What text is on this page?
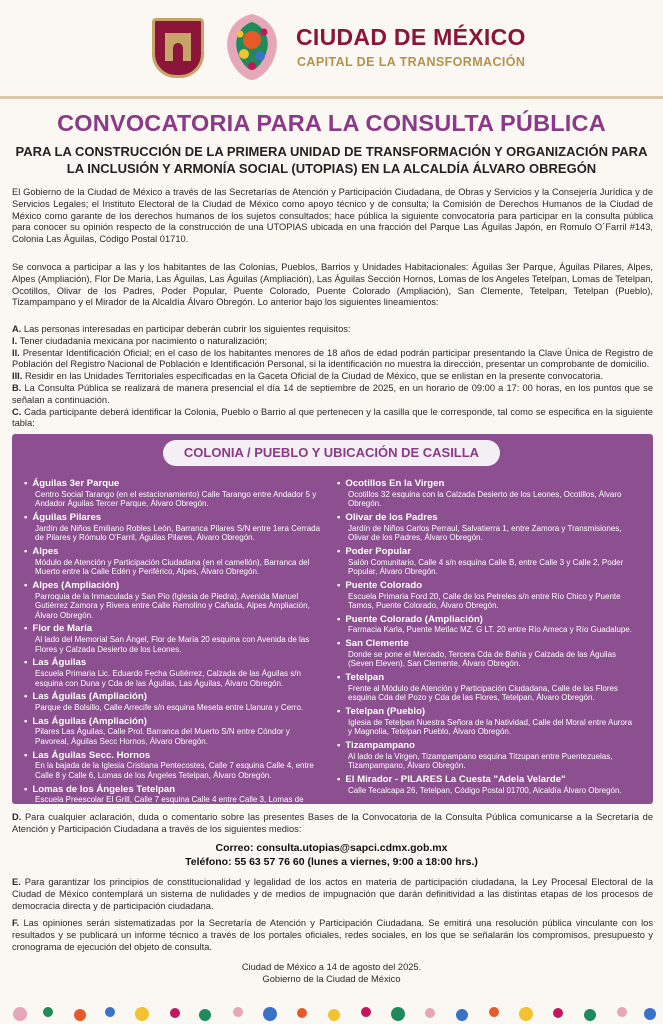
CIUDAD DE MÉXICO
CAPITAL DE LA TRANSFORMACIÓN
CONVOCATORIA PARA LA CONSULTA PÚBLICA
PARA LA CONSTRUCCIÓN DE LA PRIMERA UNIDAD DE TRANSFORMACIÓN Y ORGANIZACIÓN PARA LA INCLUSIÓN Y ARMONÍA SOCIAL (UTOPIAS) EN LA ALCALDÍA ÁLVARO OBREGÓN

El Gobierno de la Ciudad de México a través de las Secretarías de Atención y Participación Ciudadana, de Obras y Servicios y la Consejería Jurídica y de Servicios Legales; el Instituto Electoral de la Ciudad de México como apoyo técnico y de consulta; la Comisión de Derechos Humanos de la Ciudad de México como garante de los derechos humanos de los sujetos consultados; hace pública la siguiente convocatoria para participar en la consulta pública para conocer su opinión respecto de la construcción de una UTOPIAS ubicada en una fracción del Parque Las Águilas Japón, en Romulo O´Farril #143, Colonia Las Águilas, Código Postal 01710.

Se convoca a participar a las y los habitantes de las Colonias, Pueblos, Barrios y Unidades Habitacionales: Águilas 3er Parque, Águilas Pilares, Alpes, Alpes (Ampliación), Flor De Maria, Las Águilas, Las Águilas (Ampliación), Las Águilas Sección Hornos, Lomas de los Angeles Tetelpan, Lomas de Tetelpan, Ocotillos, Olivar de los Padres, Poder Popular, Puente Colorado, Puente Colorado (Ampliación), San Clemente, Tetelpan, Tetelpan (Pueblo), Tizampampano y el Mirador de la Alcaldía Álvaro Obregón. Lo anterior bajo los siguientes lineamientos:

A. Las personas interesadas en participar deberán cubrir los siguientes requisitos:

I. Tener ciudadanía mexicana por nacimiento o naturalización;

II. Presentar Identificación Oficial; en el caso de los habitantes menores de 18 años de edad podrán participar presentando la Clave Única de Registro de Población del Registro Nacional de Población e Identificación Personal, si la identificación no muestra la dirección, presentar un comprobante de domicilio.

III. Residir en las Unidades Territoriales especificadas en la Gaceta Oficial de la Ciudad de México, que se enlistan en la presente convocatoria.

B. La Consulta Pública se realizará de manera presencial el día 14 de septiembre de 2025, en un horario de 09:00 a 17: 00 horas, en los puntos que se señalan a continuación.

C. Cada participante deberá identificar la Colonia, Pueblo o Barrio al que pertenecen y la casilla que le corresponde, tal como se especifica en la siguiente tabla:

COLONIA / PUEBLO Y UBICACIÓN DE CASILLA
• Águilas 3er Parque
Centro Social Tarango (en el estacionamiento) Calle Tarango entre Andador 5 y Andador Águilas Tercer Parque, Álvaro Obregón.
• Águilas Pilares
Jardín de Niños Emiliano Robles León, Barranca Pilares S/N entre 1era Cerrada de Pilares y Rómulo O'Farril, Águilas Pilares, Álvaro Obregón.
• Alpes
Módulo de Atención y Participación Ciudadana (en el camellón), Barranca del Muerto entre la Calle Edén y Periférico, Alpes, Álvaro Obregón.
• Alpes (Ampliación)
Parroquia de la Inmaculada y San Pío (Iglesia de Piedra), Avenida Manuel Gutiérrez Zamora y Rivera entre Calle Remolino y Cañada, Alpes Ampliación, Álvaro Obregón.
• Flor de María
Al lado del Memorial San Ángel, Flor de María 20 esquina con Avenida de las Flores y Calzada Desierto de los Leones.
• Las Águilas
Escuela Primaria Lic. Eduardo Fecha Gutiérrez, Calzada de las Águilas s/n esquina con Duna y Cda de las Águilas, Las Águilas, Álvaro Obregón.
• Las Águilas (Ampliación)
Parque de Bolsillo, Calle Arrecife s/n esquina Meseta entre Llanura y Cerro.
• Las Águilas (Ampliación)
Pilares Las Águilas, Calle Prol. Barranca del Muerto S/N entre Cóndor y Pavoreal, Águilas Secc Hornos, Álvaro Obregón.
• Las Águilas Secc. Hornos
En la bajada de la Iglesia Cristiana Pentecostes, Calle 7 esquina Calle 4, entre Calle 8 y Calle 6, Lomas de los Ángeles Tetelpan, Álvaro Obregón.
• Lomas de los Ángeles Tetelpan
Escuela Preescolar El Grill, Calle 7 esquina Calle 4 entre Calle 3, Lomas de Tetelpan, Álvaro Obregón.
• Ocotillos En la Virgen
Ocotillos 32 esquina con la Calzada Desierto de los Leones, Ocotillos, Álvaro Obregón.
• Olivar de los Padres
Jardín de Niños Carlos Perraul, Salvatierra 1, entre Zamora y Transmisiones, Olivar de los Padres, Álvaro Obregón.
• Poder Popular
Salón Comunitario, Calle 4 s/n esquina Calle B, entre Calle 3 y Calle 2, Poder Popular, Álvaro Obregón.
• Puente Colorado
Escuela Primaria Ford 20, Calle de los Petreles s/n entre Río Chico y Puente Tamos, Puente Colorado, Álvaro Obregón.
• Puente Colorado (Ampliación)
Farmacia Karla, Puente Metlac MZ. G LT. 20 entre Río Ameca y Río Guadalupe.
• San Clemente
Donde se pone el Mercado, Tercera Cda de Bahía y Calzada de las Águilas (Seven Eleven), San Clemente, Álvaro Obregón.
• Tetelpan
Frente al Módulo de Atención y Participación Ciudadana, Calle de las Flores esquina Cda del Pozo y Cda de las Flores, Tetelpan, Álvaro Obregón.
• Tetelpan (Pueblo)
Iglesia de Tetelpan Nuestra Señora de la Natividad, Calle del Moral entre Aurora y Magnolia, Tetelpan Pueblo, Álvaro Obregón.
• Tizampampano
Al lado de la Virgen, Tizampampano esquina Titzupan entre Puentezuelas, Tizampampano, Álvaro Obregón.
• El Mirador - PILARES La Cuesta "Adela Velarde"
Calle Tecalcapa 26, Tetelpan, Código Postal 01700, Alcaldía Álvaro Obregón.

D. Para cualquier aclaración, duda o comentario sobre las presentes Bases de la Convocatoria de la Consulta Pública comunicarse a la Secretaría de Atención y Participación Ciudadana a través de los siguientes medios:

Correo: consulta.utopias@sapci.cdmx.gob.mx
Teléfono: 55 63 57 76 60 (lunes a viernes, 9:00 a 18:00 hrs.)

E. Para garantizar los principios de constitucionalidad y legalidad de los actos en materia de participación ciudadana, la Ley Procesal Electoral de la Ciudad de México contemplará un sistema de nulidades y de medios de impugnación que darán definitividad a las distintas etapas de los procesos de democracia directa y de participación ciudadana.

F. Las opiniones serán sistematizadas por la Secretaría de Atención y Participación Ciudadana. Se emitirá una resolución pública vinculante con los resultados y se publicará un informe técnico a través de los portales oficiales, redes sociales, en los que se señalarán los compromisos, presupuesto y cronograma de ejecución del objeto de consulta.

Ciudad de México a 14 de agosto del 2025.
Gobierno de la Ciudad de México
